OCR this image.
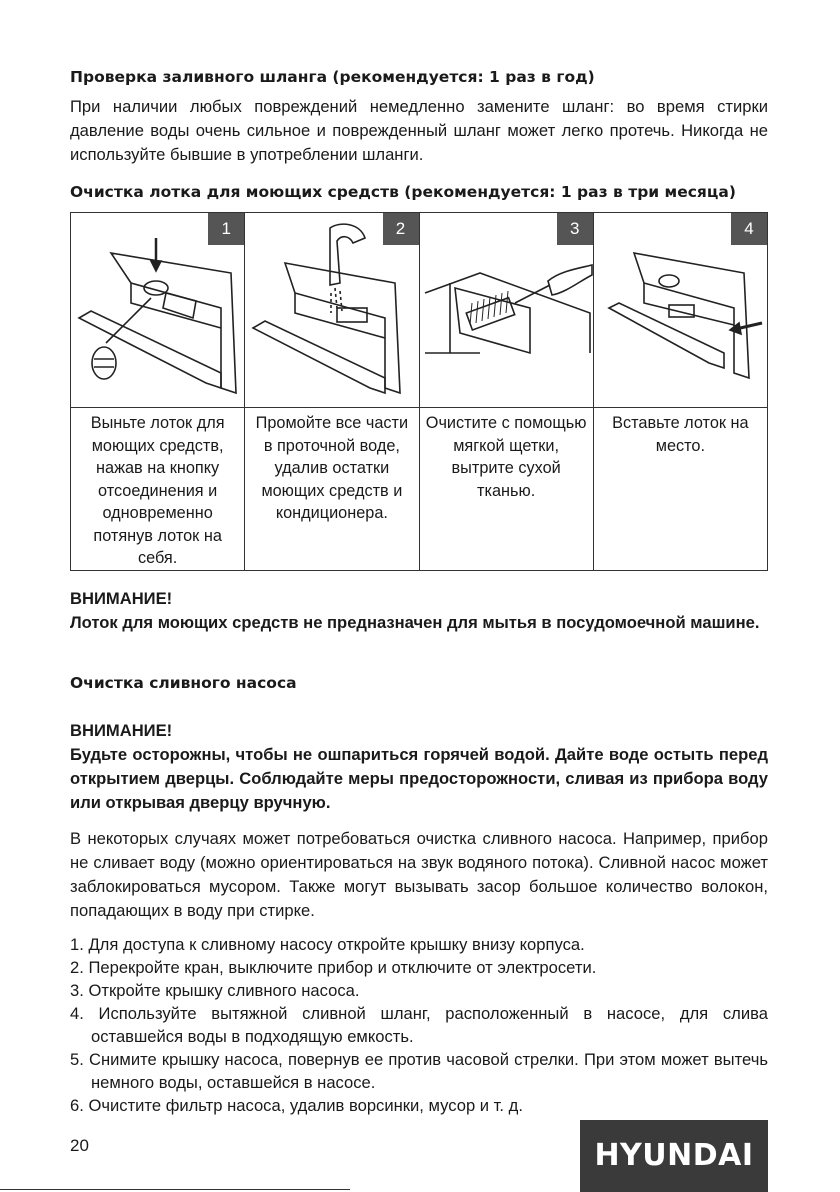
Проверка заливного шланга (рекомендуется: 1 раз в год)

При наличии любых повреждений немедленно замените шланг: во время стирки давление воды очень сильное и поврежденный шланг может легко протечь. Никогда не используйте бывшие в употреблении шланги.

Очистка лотка для моющих средств (рекомендуется: 1 раз в три месяца)
1	2	3	4

Выньте лоток для моющих средств, нажав на кнопку отсоединения и одновременно потянув лоток на себя.	Промойте все части в проточной воде, удалив остатки моющих средств и кондиционера.	Очистите с помощью мягкой щетки, вытрите сухой тканью.	Вставьте лоток на место.

ВНИМАНИЕ!

Лоток для моющих средств не предназначен для мытья в посудомоечной машине.

Очистка сливного насоса

ВНИМАНИЕ!

Будьте осторожны, чтобы не ошпариться горячей водой. Дайте воде остыть перед открытием дверцы. Соблюдайте меры предосторожности, сливая из прибора воду или открывая дверцу вручную.

В некоторых случаях может потребоваться очистка сливного насоса. Например, прибор не сливает воду (можно ориентироваться на звук водяного потока). Сливной насос может заблокироваться мусором. Также могут вызывать засор большое количество волокон, попадающих в воду при стирке.

1. Для доступа к сливному насосу откройте крышку внизу корпуса.
2. Перекройте кран, выключите прибор и отключите от электросети.
3. Откройте крышку сливного насоса.
4. Используйте вытяжной сливной шланг, расположенный в насосе, для слива оставшейся воды в подходящую емкость.
5. Снимите крышку насоса, повернув ее против часовой стрелки. При этом может вытечь немного воды, оставшейся в насосе.
6. Очистите фильтр насоса, удалив ворсинки, мусор и т. д.
20	HYUNDAI
